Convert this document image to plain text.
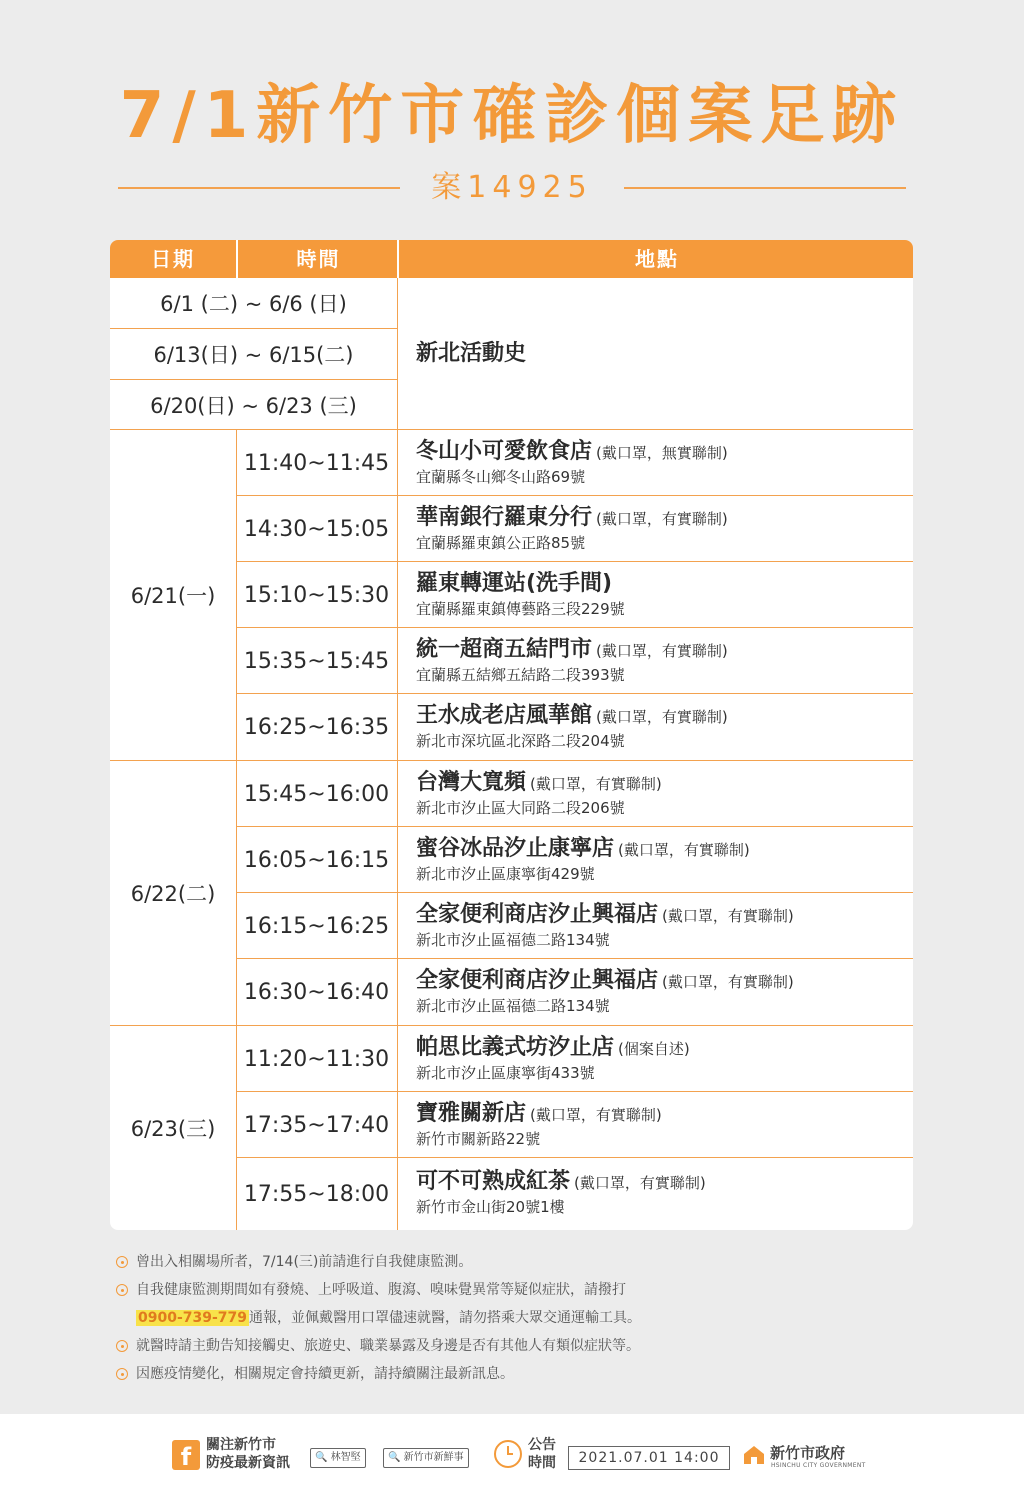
7/1新竹市確診個案足跡
案14925
日期	時間	地點
6/1 (二) ~ 6/6 (日)
6/13(日) ~ 6/15(二)
6/20(日) ~ 6/23 (三)
新北活動史
6/21(一)
11:40~11:45	冬山小可愛飲食店 (戴口罩，無實聯制)
宜蘭縣冬山鄉冬山路69號
14:30~15:05	華南銀行羅東分行 (戴口罩，有實聯制)
宜蘭縣羅東鎮公正路85號
15:10~15:30	羅東轉運站(洗手間)
宜蘭縣羅東鎮傳藝路三段229號
15:35~15:45	統一超商五結門市 (戴口罩，有實聯制)
宜蘭縣五結鄉五結路二段393號
16:25~16:35	王水成老店風華館 (戴口罩，有實聯制)
新北市深坑區北深路二段204號
6/22(二)
15:45~16:00	台灣大寬頻 (戴口罩，有實聯制)
新北市汐止區大同路二段206號
16:05~16:15	蜜谷冰品汐止康寧店 (戴口罩，有實聯制)
新北市汐止區康寧街429號
16:15~16:25	全家便利商店汐止興福店 (戴口罩，有實聯制)
新北市汐止區福德二路134號
16:30~16:40	全家便利商店汐止興福店 (戴口罩，有實聯制)
新北市汐止區福德二路134號
6/23(三)
11:20~11:30	帕思比義式坊汐止店 (個案自述)
新北市汐止區康寧街433號
17:35~17:40	寶雅關新店 (戴口罩，有實聯制)
新竹市關新路22號
17:55~18:00	可不可熟成紅茶 (戴口罩，有實聯制)
新竹市金山街20號1樓
曾出入相關場所者，7/14(三)前請進行自我健康監測。
自我健康監測期間如有發燒、上呼吸道、腹瀉、嗅味覺異常等疑似症狀，請撥打
0900-739-779 通報，並佩戴醫用口罩儘速就醫，請勿搭乘大眾交通運輸工具。
就醫時請主動告知接觸史、旅遊史、職業暴露及身邊是否有其他人有類似症狀等。
因應疫情變化，相關規定會持續更新，請持續關注最新訊息。
f	關注新竹市
防疫最新資訊	🔍 林智堅	🔍 新竹市新鮮事
公告
時間	2021.07.01 14:00	新竹市政府
HSINCHU CITY GOVERNMENT
